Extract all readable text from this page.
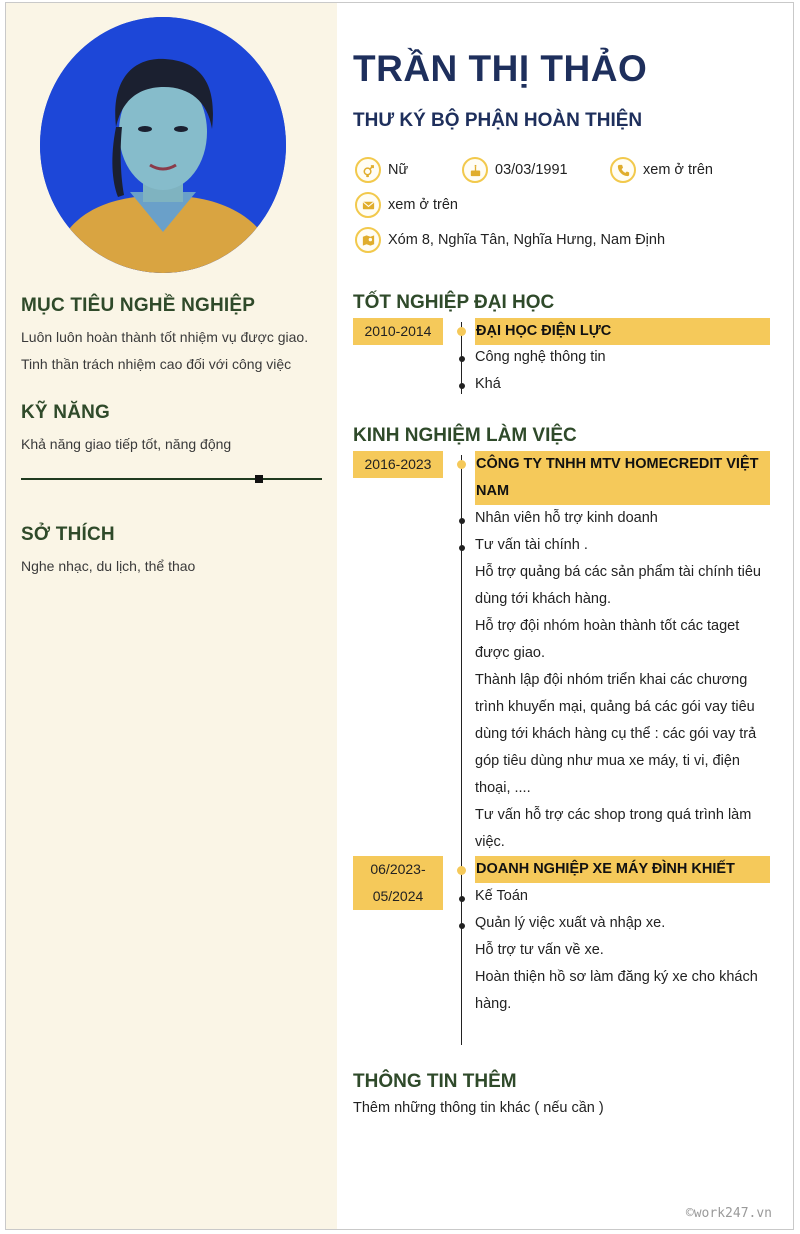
MỤC TIÊU NGHỀ NGHIỆP
Luôn luôn hoàn thành tốt nhiệm vụ được giao.
Tinh thần trách nhiệm cao đối với công việc
KỸ NĂNG
Khả năng giao tiếp tốt, năng động
SỞ THÍCH
Nghe nhạc, du lịch, thể thao
TRẦN THỊ THẢO
THƯ KÝ BỘ PHẬN HOÀN THIỆN
Nữ	03/03/1991	xem ở trên
xem ở trên
Xóm 8, Nghĩa Tân, Nghĩa Hưng, Nam Định
TỐT NGHIỆP ĐẠI HỌC
2010-2014	ĐẠI HỌC ĐIỆN LỰC
Công nghệ thông tin
Khá
KINH NGHIỆM LÀM VIỆC
2016-2023	CÔNG TY TNHH MTV HOMECREDIT VIỆT
NAM
Nhân viên hỗ trợ kinh doanh
Tư vấn tài chính .
Hỗ trợ quảng bá các sản phẩm tài chính tiêu
dùng tới khách hàng.
Hỗ trợ đội nhóm hoàn thành tốt các taget
được giao.
Thành lập đội nhóm triển khai các chương
trình khuyến mại, quảng bá các gói vay tiêu
dùng tới khách hàng cụ thể : các gói vay trả
góp tiêu dùng như mua xe máy, ti vi, điện
thoại, ....
Tư vấn hỗ trợ các shop trong quá trình làm
việc.
06/2023-
05/2024
DOANH NGHIỆP XE MÁY ĐÌNH KHIẾT
Kế Toán
Quản lý việc xuất và nhập xe.
Hỗ trợ tư vấn về xe.
Hoàn thiện hồ sơ làm đăng ký xe cho khách
hàng.
THÔNG TIN THÊM
Thêm những thông tin khác ( nếu cần )
©work247.vn
